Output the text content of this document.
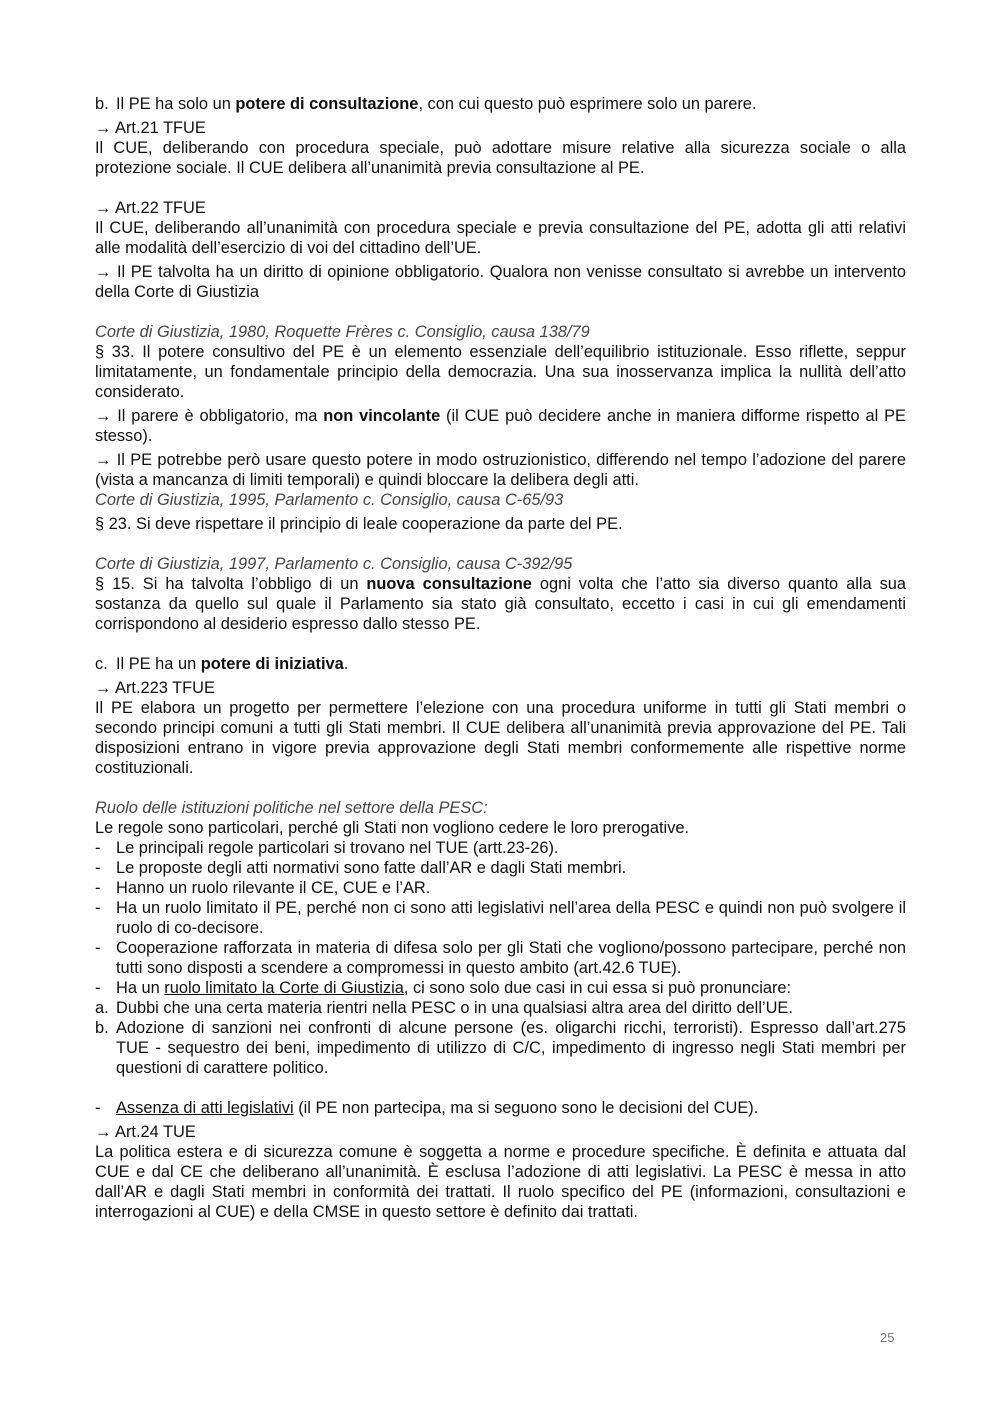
b. Il PE ha solo un potere di consultazione, con cui questo può esprimere solo un parere.

→ Art.21 TFUE

Il CUE, deliberando con procedura speciale, può adottare misure relative alla sicurezza sociale o alla protezione sociale. Il CUE delibera all’unanimità previa consultazione al PE.

→ Art.22 TFUE

Il CUE, deliberando all’unanimità con procedura speciale e previa consultazione del PE, adotta gli atti relativi alle modalità dell’esercizio di voi del cittadino dell’UE.

→ Il PE talvolta ha un diritto di opinione obbligatorio. Qualora non venisse consultato si avrebbe un intervento della Corte di Giustizia

Corte di Giustizia, 1980, Roquette Frères c. Consiglio, causa 138/79

§ 33. Il potere consultivo del PE è un elemento essenziale dell’equilibrio istituzionale. Esso riflette, seppur limitatamente, un fondamentale principio della democrazia. Una sua inosservanza implica la nullità dell’atto considerato.

→ Il parere è obbligatorio, ma non vincolante (il CUE può decidere anche in maniera difforme rispetto al PE stesso).

→ Il PE potrebbe però usare questo potere in modo ostruzionistico, differendo nel tempo l’adozione del parere (vista a mancanza di limiti temporali) e quindi bloccare la delibera degli atti.

Corte di Giustizia, 1995, Parlamento c. Consiglio, causa C-65/93

§ 23. Si deve rispettare il principio di leale cooperazione da parte del PE.

Corte di Giustizia, 1997, Parlamento c. Consiglio, causa C-392/95

§ 15. Si ha talvolta l’obbligo di un nuova consultazione ogni volta che l’atto sia diverso quanto alla sua sostanza da quello sul quale il Parlamento sia stato già consultato, eccetto i casi in cui gli emendamenti corrispondono al desiderio espresso dallo stesso PE.

c. Il PE ha un potere di iniziativa.

→ Art.223 TFUE

Il PE elabora un progetto per permettere l’elezione con una procedura uniforme in tutti gli Stati membri o secondo principi comuni a tutti gli Stati membri. Il CUE delibera all’unanimità previa approvazione del PE. Tali disposizioni entrano in vigore previa approvazione degli Stati membri conformemente alle rispettive norme costituzionali.

Ruolo delle istituzioni politiche nel settore della PESC:

Le regole sono particolari, perché gli Stati non vogliono cedere le loro prerogative.

- Le principali regole particolari si trovano nel TUE (artt.23-26).
- Le proposte degli atti normativi sono fatte dall’AR e dagli Stati membri.
- Hanno un ruolo rilevante il CE, CUE e l’AR.
- Ha un ruolo limitato il PE, perché non ci sono atti legislativi nell’area della PESC e quindi non può svolgere il ruolo di co-decisore.
- Cooperazione rafforzata in materia di difesa solo per gli Stati che vogliono/possono partecipare, perché non tutti sono disposti a scendere a compromessi in questo ambito (art.42.6 TUE).
- Ha un ruolo limitato la Corte di Giustizia, ci sono solo due casi in cui essa si può pronunciare:
a. Dubbi che una certa materia rientri nella PESC o in una qualsiasi altra area del diritto dell’UE.
b. Adozione di sanzioni nei confronti di alcune persone (es. oligarchi ricchi, terroristi). Espresso dall’art.275 TUE - sequestro dei beni, impedimento di utilizzo di C/C, impedimento di ingresso negli Stati membri per questioni di carattere politico.
- Assenza di atti legislativi (il PE non partecipa, ma si seguono sono le decisioni del CUE).

→ Art.24 TUE

La politica estera e di sicurezza comune è soggetta a norme e procedure specifiche. È definita e attuata dal CUE e dal CE che deliberano all’unanimità. È esclusa l’adozione di atti legislativi. La PESC è messa in atto dall’AR e dagli Stati membri in conformità dei trattati. Il ruolo specifico del PE (informazioni, consultazioni e interrogazioni al CUE) e della CMSE in questo settore è definito dai trattati.

25
